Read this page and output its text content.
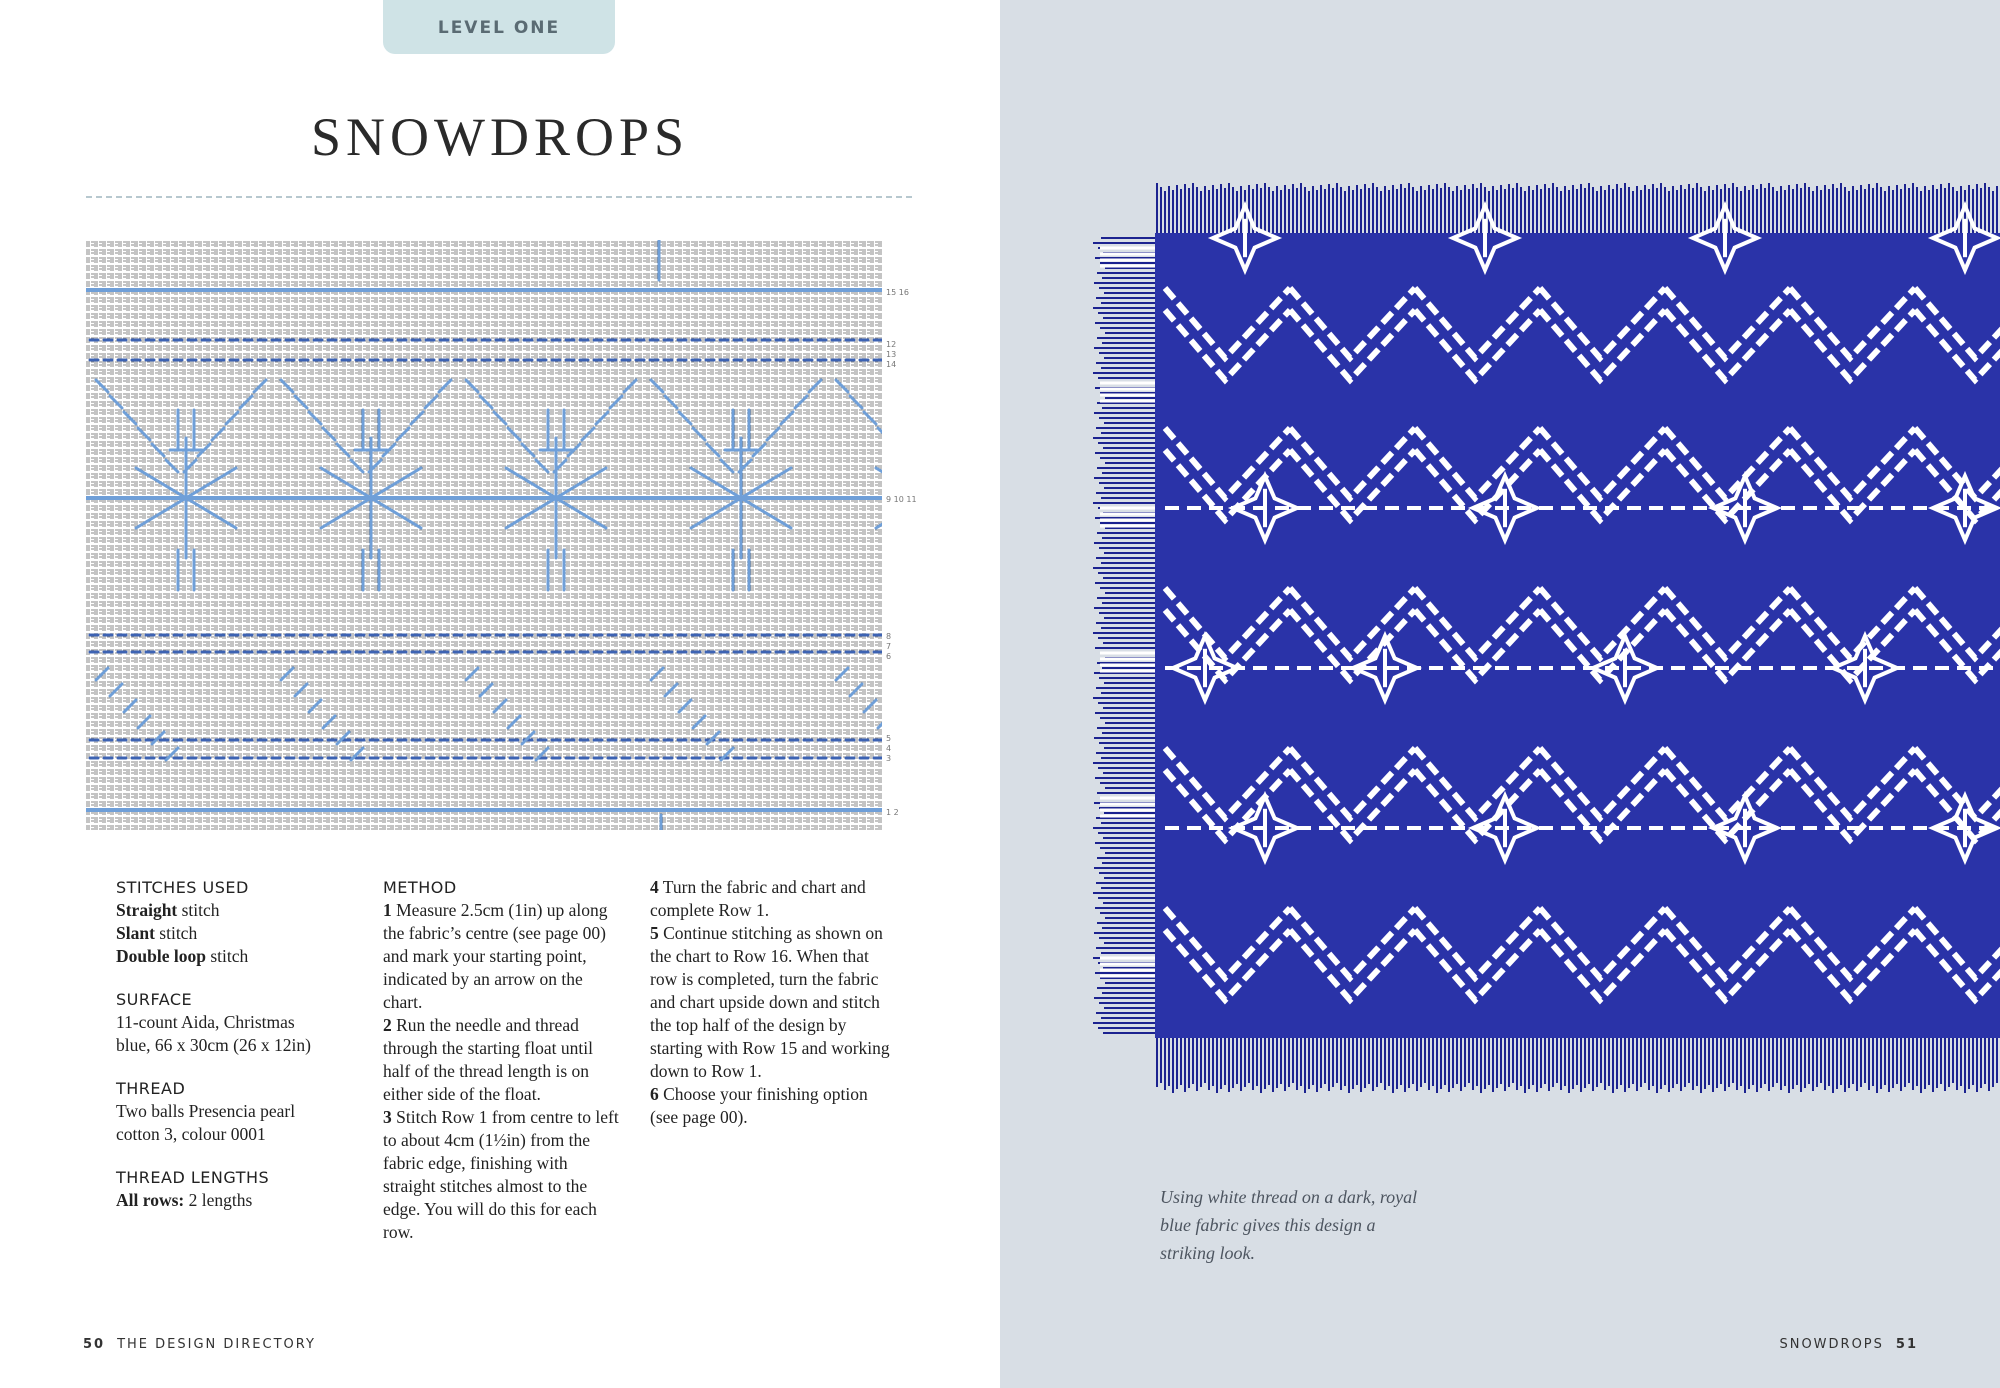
LEVEL ONE
SNOWDROPS
15 16
12
13
14
9 10 11
8
7
6
5
4
3
1 2
STITCHES USED
Straight stitch
Slant stitch
Double loop stitch
SURFACE
11-count Aida, Christmas
blue, 66 x 30cm (26 x 12in)
THREAD
Two balls Presencia pearl
cotton 3, colour 0001
THREAD LENGTHS
All rows: 2 lengths
METHOD

1 Measure 2.5cm (1in) up along the fabric’s centre (see page 00) and mark your starting point, indicated by an arrow on the chart.

2 Run the needle and thread through the starting float until half of the thread length is on either side of the float.

3 Stitch Row 1 from centre to left to about 4cm (1½in) from the fabric edge, finishing with straight stitches almost to the edge. You will do this for each row.

4 Turn the fabric and chart and complete Row 1.

5 Continue stitching as shown on the chart to Row 16. When that row is completed, turn the fabric and chart upside down and stitch the top half of the design by starting with Row 15 and working down to Row 1.

6 Choose your finishing option (see page 00).

50 THE DESIGN DIRECTORY
Using white thread on a dark, royal blue fabric gives this design a striking look.
SNOWDROPS 51
